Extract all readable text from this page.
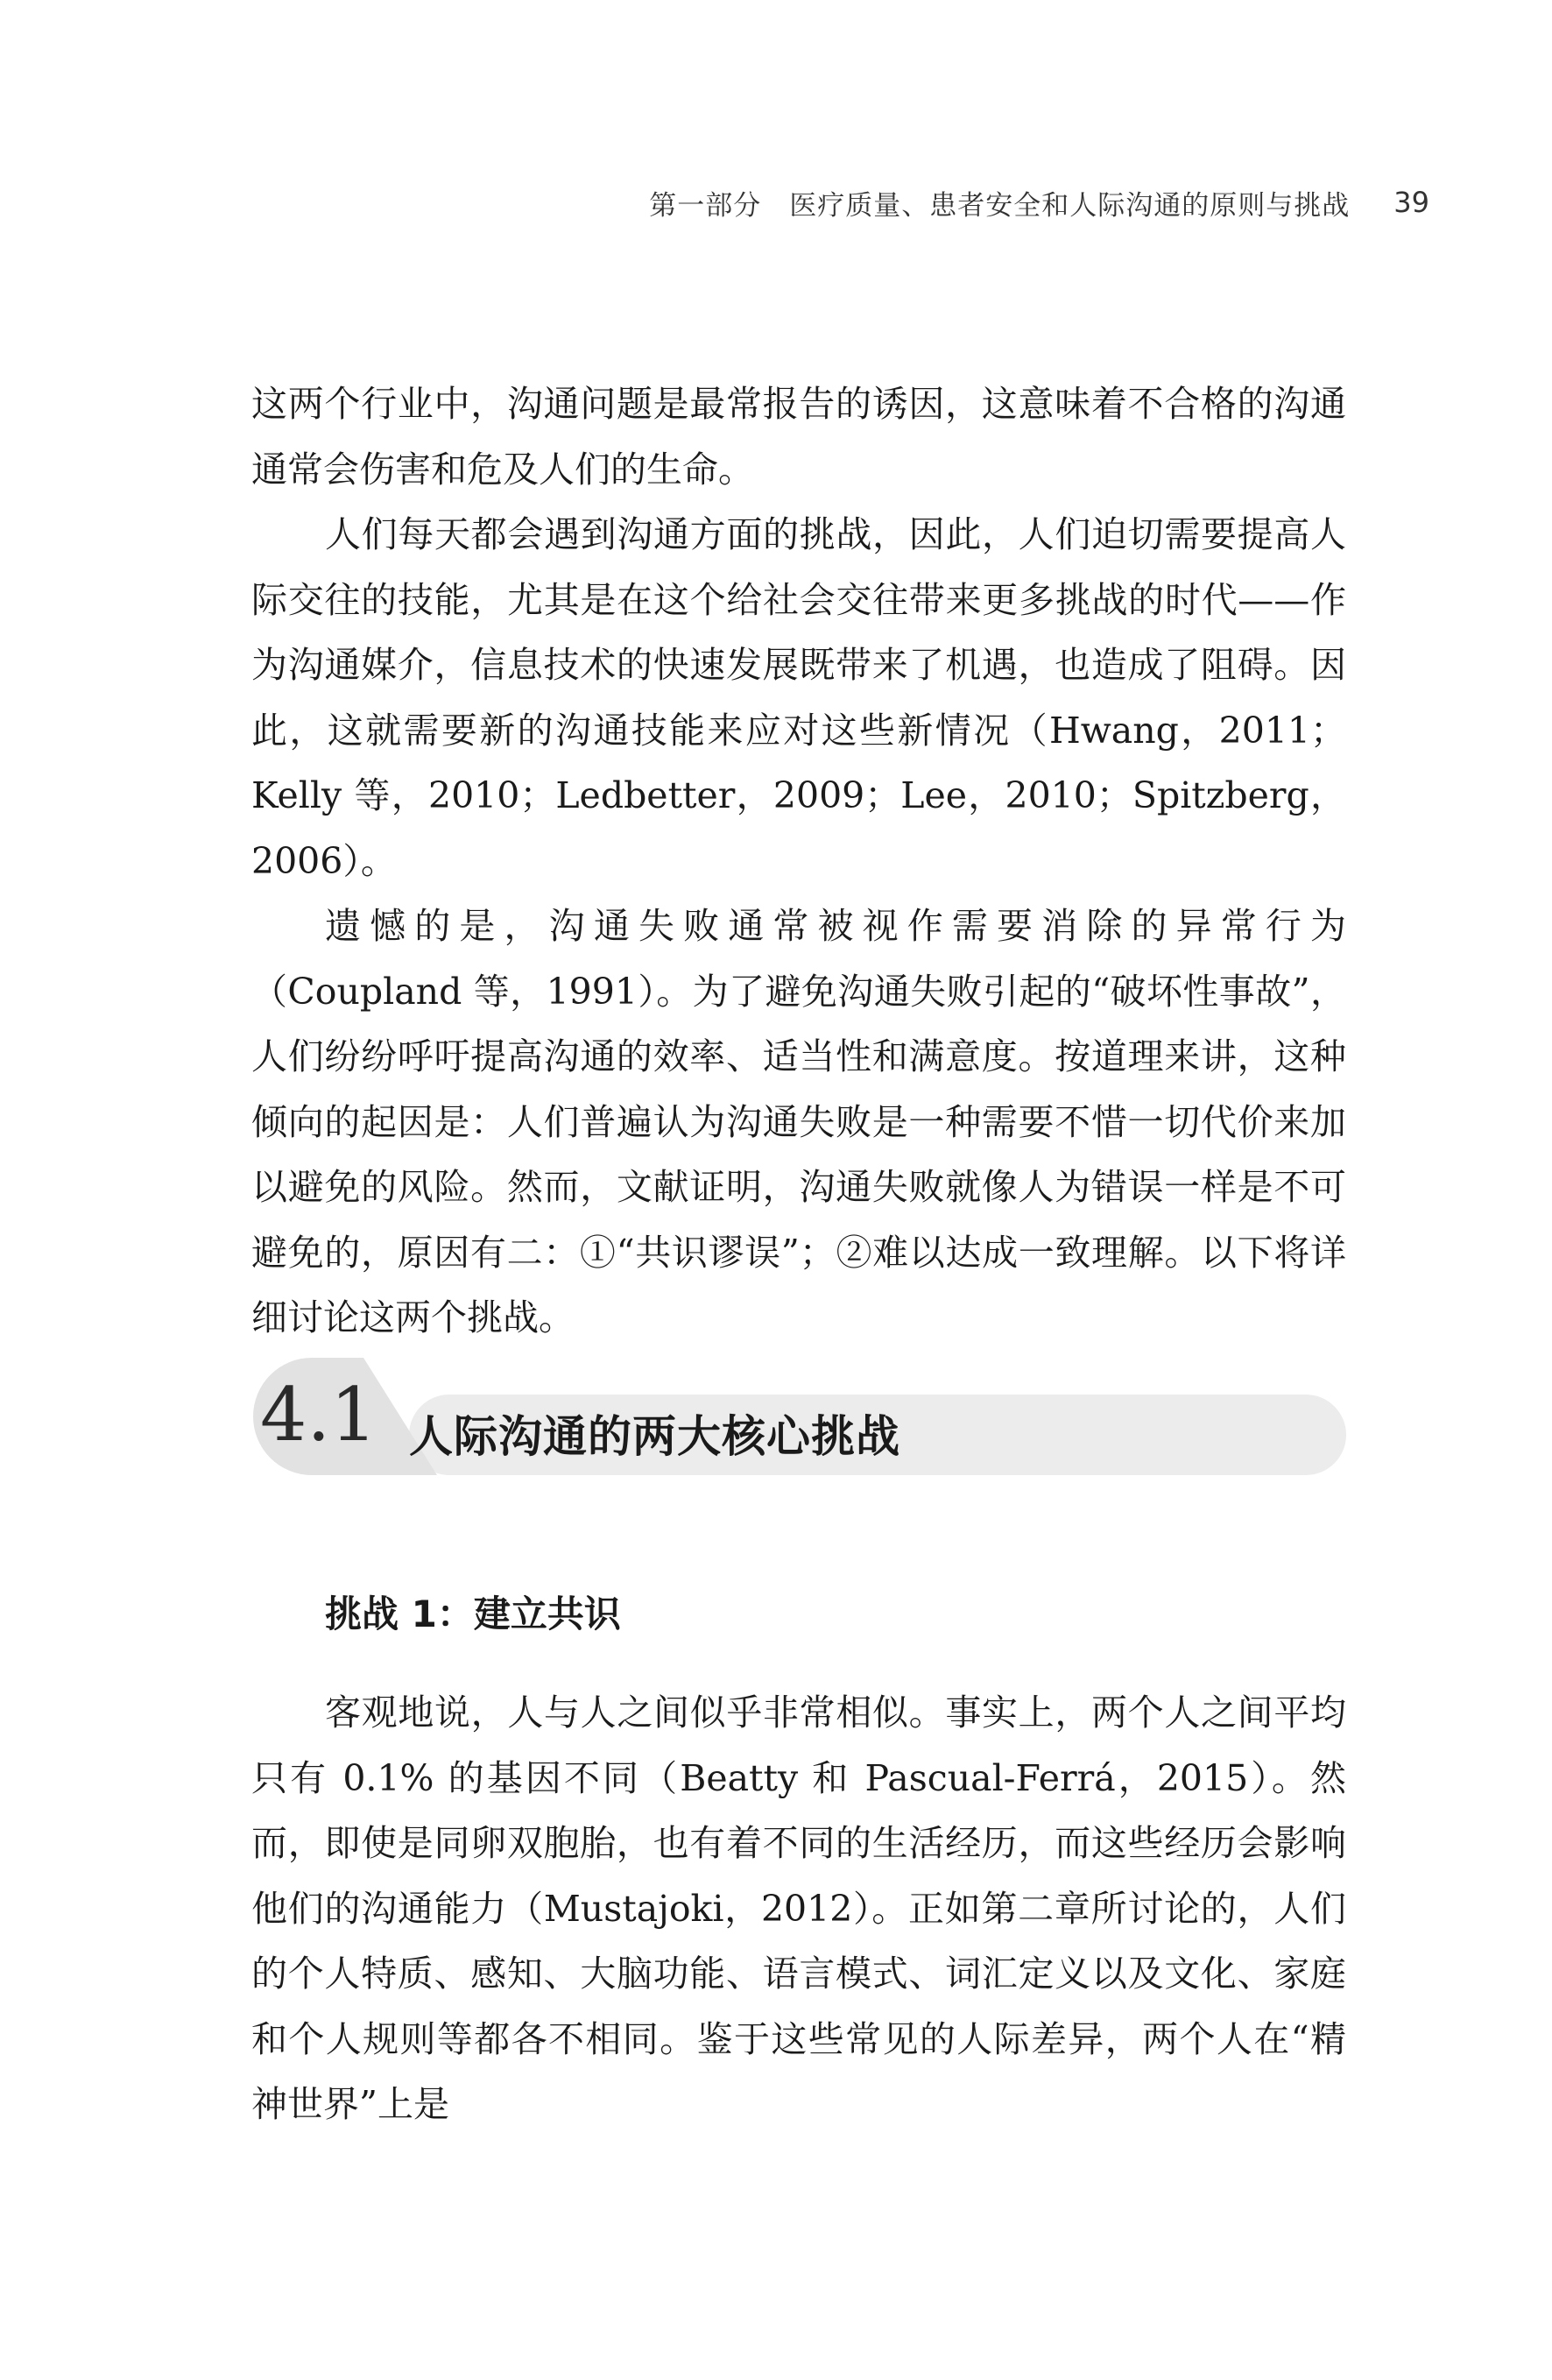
第一部分　医疗质量、患者安全和人际沟通的原则与挑战 39

这两个行业中，沟通问题是最常报告的诱因，这意味着不合格的沟通通常会伤害和危及人们的生命。

人们每天都会遇到沟通方面的挑战，因此，人们迫切需要提高人际交往的技能，尤其是在这个给社会交往带来更多挑战的时代——作为沟通媒介，信息技术的快速发展既带来了机遇，也造成了阻碍。因此，这就需要新的沟通技能来应对这些新情况（Hwang，2011；Kelly 等，2010；Ledbetter，2009；Lee，2010；Spitzberg，2006）。

遗憾的是，沟通失败通常被视作需要消除的异常行为（Coupland 等，1991）。为了避免沟通失败引起的“破坏性事故”，人们纷纷呼吁提高沟通的效率、适当性和满意度。按道理来讲，这种倾向的起因是：人们普遍认为沟通失败是一种需要不惜一切代价来加以避免的风险。然而，文献证明，沟通失败就像人为错误一样是不可避免的，原因有二：①“共识谬误”；②难以达成一致理解。以下将详细讨论这两个挑战。

4.1 人际沟通的两大核心挑战
挑战 1：建立共识

客观地说，人与人之间似乎非常相似。事实上，两个人之间平均只有 0.1% 的基因不同（Beatty 和 Pascual-Ferrá，2015）。然而，即使是同卵双胞胎，也有着不同的生活经历，而这些经历会影响他们的沟通能力（Mustajoki，2012）。正如第二章所讨论的，人们的个人特质、感知、大脑功能、语言模式、词汇定义以及文化、家庭和个人规则等都各不相同。鉴于这些常见的人际差异，两个人在“精神世界”上是
